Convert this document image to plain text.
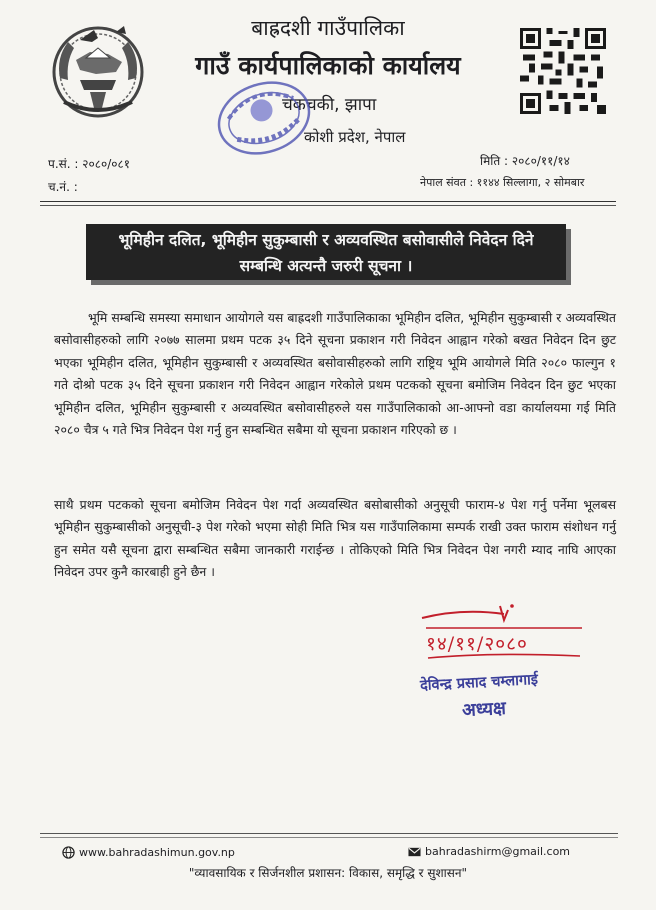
बाह्रदशी गाउँपालिका
गाउँ कार्यपालिकाको कार्यालय
चकचकी, झापा
कोशी प्रदेश, नेपाल
प.सं. : २०८०/०८१
च.नं. :
मिति : २०८०/११/१४
नेपाल संवत : ११४४ सिल्लागा, २ सोमबार
भूमिहीन दलित, भूमिहीन सुकुम्बासी र अव्यवस्थित बसोवासीले निवेदन दिने
सम्बन्धि अत्यन्तै जरुरी सूचना ।
भूमि सम्बन्धि समस्या समाधान आयोगले यस बाह्रदशी गाउँपालिकाका भूमिहीन दलित, भूमिहीन सुकुम्बासी र अव्यवस्थित बसोवासीहरुको लागि २०७७ सालमा प्रथम पटक ३५ दिने सूचना प्रकाशन गरी निवेदन आह्वान गरेको बखत निवेदन दिन छुट भएका भूमिहीन दलित, भूमिहीन सुकुम्बासी र अव्यवस्थित बसोवासीहरुको लागि राष्ट्रिय भूमि आयोगले मिति २०८० फाल्गुन १ गते दोश्रो पटक ३५ दिने सूचना प्रकाशन गरी निवेदन आह्वान गरेकोले प्रथम पटकको सूचना बमोजिम निवेदन दिन छुट भएका भूमिहीन दलित, भूमिहीन सुकुम्बासी र अव्यवस्थित बसोवासीहरुले यस गाउँपालिकाको आ-आफ्नो वडा कार्यालयमा गई मिति २०८० चैत्र ५ गते भित्र निवेदन पेश गर्नु हुन सम्बन्धित सबैमा यो सूचना प्रकाशन गरिएको छ ।
साथै प्रथम पटकको सूचना बमोजिम निवेदन पेश गर्दा अव्यवस्थित बसोबासीको अनुसूची फाराम-४ पेश गर्नु पर्नेमा भूलबस भूमिहीन सुकुम्बासीको अनुसूची-३ पेश गरेको भएमा सोही मिति भित्र यस गाउँपालिकामा सम्पर्क राखी उक्त फाराम संशोधन गर्नु हुन समेत यसै सूचना द्वारा सम्बन्धित सबैमा जानकारी गराईन्छ । तोकिएको मिति भित्र निवेदन पेश नगरी म्याद नाघि आएका निवेदन उपर कुनै कारबाही हुने छैन ।
१४/११/२०८०
देविन्द्र प्रसाद चम्लागाई
अध्यक्ष
www.bahradashimun.gov.np	bahradashirm@gmail.com
"व्यावसायिक र सिर्जनशील प्रशासन: विकास, समृद्धि र सुशासन"
